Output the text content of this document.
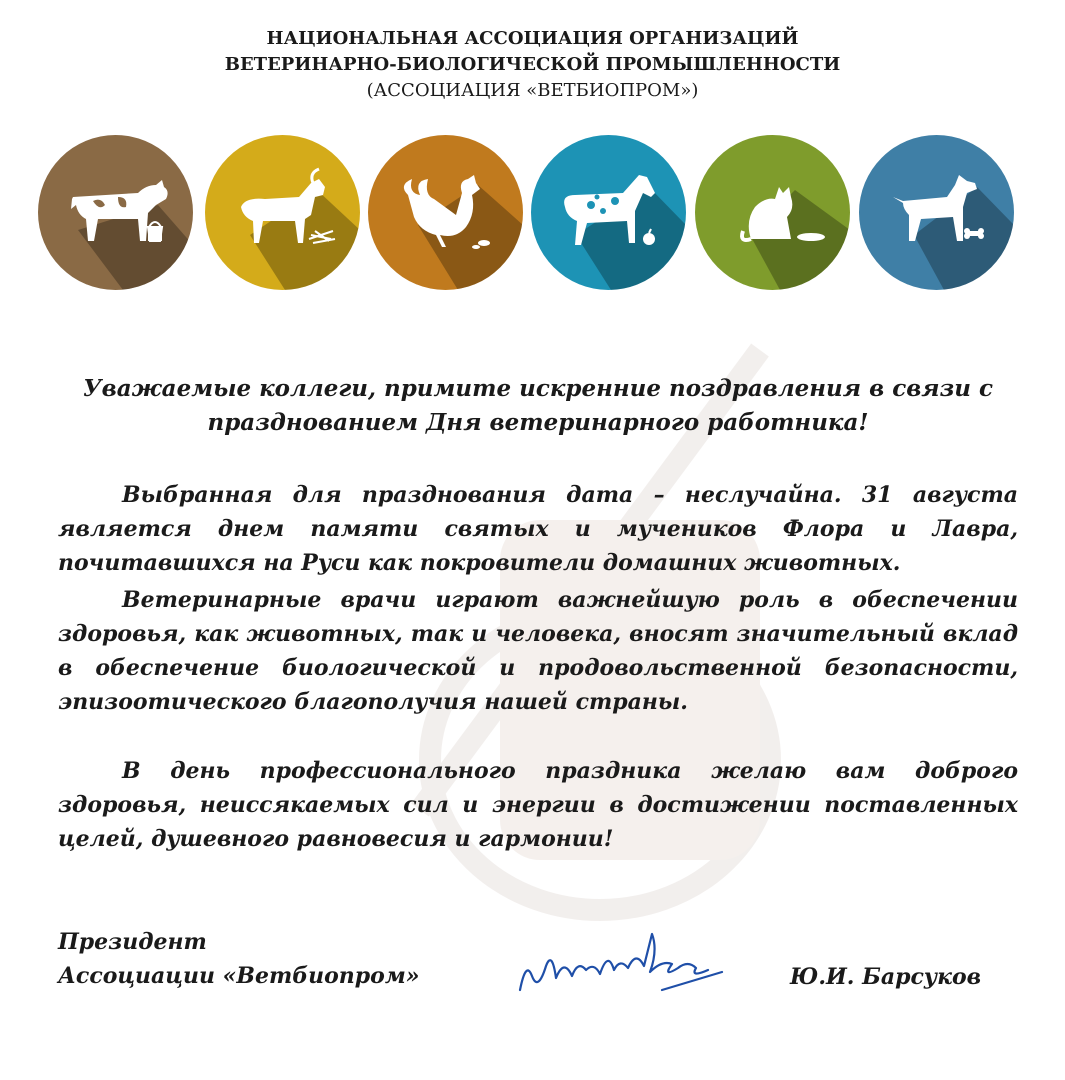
НАЦИОНАЛЬНАЯ АССОЦИАЦИЯ ОРГАНИЗАЦИЙ
ВЕТЕРИНАРНО-БИОЛОГИЧЕСКОЙ ПРОМЫШЛЕННОСТИ
(АССОЦИАЦИЯ «ВЕТБИОПРОМ»)
Уважаемые коллеги, примите искренние поздравления в связи с празднованием Дня ветеринарного работника!
Выбранная для празднования дата – неслучайна. 31 августа является днем памяти святых и мучеников Флора и Лавра, почитавшихся на Руси как покровители домашних животных.
Ветеринарные врачи играют важнейшую роль в обеспечении здоровья, как животных, так и человека, вносят значительный вклад в обеспечение биологической и продовольственной безопасности, эпизоотического благополучия нашей страны.
В день профессионального праздника желаю вам доброго здоровья, неиссякаемых сил и энергии в достижении поставленных целей, душевного равновесия и гармонии!
Президент
Ассоциации «Ветбиопром»	Ю.И. Барсуков
